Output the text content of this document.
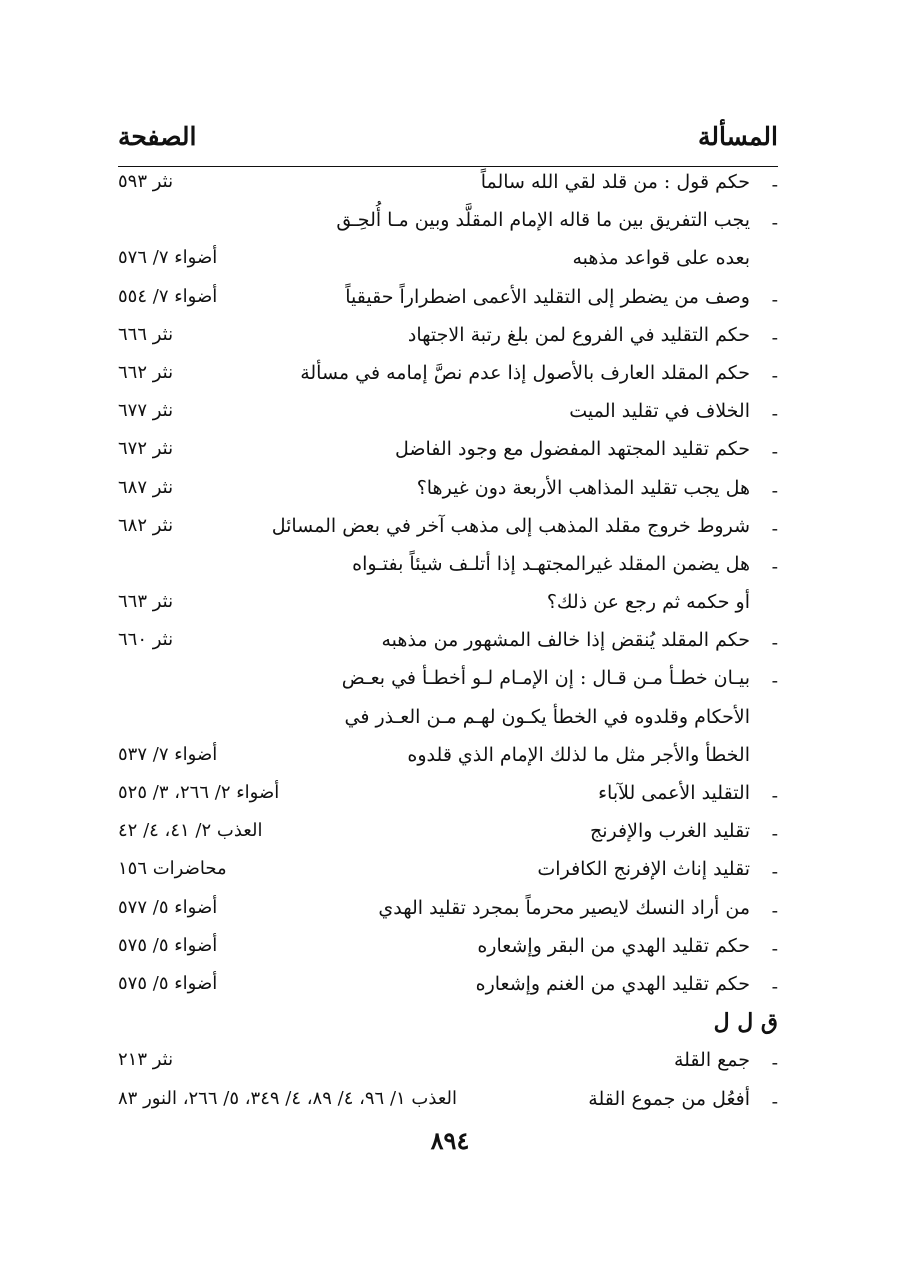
الصفحة	المسألة
-
حكم قول : من قلد لقي الله سالماً
نثر ٥٩٣
-
يجب التفريق بين ما قاله الإمام المقلَّد وبين مـا أُلحِـق
بعده على قواعد مذهبه
أضواء ٧/ ٥٧٦
-
وصف من يضطر إلى التقليد الأعمى اضطراراً حقيقياً
أضواء ٧/ ٥٥٤
-
حكم التقليد في الفروع لمن بلغ رتبة الاجتهاد
نثر ٦٦٦
-
حكم المقلد العارف بالأصول إذا عدم نصَّ إمامه في مسألة
نثر ٦٦٢
-
الخلاف في تقليد الميت
نثر ٦٧٧
-
حكم تقليد المجتهد المفضول مع وجود الفاضل
نثر ٦٧٢
-
هل يجب تقليد المذاهب الأربعة دون غيرها؟
نثر ٦٨٧
-
شروط خروج مقلد المذهب إلى مذهب آخر في بعض المسائل
نثر ٦٨٢
-
هل يضمن المقلد غيرالمجتهـد إذا أتلـف شيئاً بفتـواه
أو حكمه ثم رجع عن ذلك؟
نثر ٦٦٣
-
حكم المقلد يُنقض إذا خالف المشهور من مذهبه
نثر ٦٦٠
-
بيـان خطـأ مـن قـال : إن الإمـام لـو أخطـأ في بعـض
الأحكام وقلدوه في الخطأ يكـون لهـم مـن العـذر في
الخطأ والأجر مثل ما لذلك الإمام الذي قلدوه
أضواء ٧/ ٥٣٧
-
التقليد الأعمى للآباء
أضواء ٢/ ٢٦٦، ٣/ ٥٢٥
-
تقليد الغرب والإفرنج
العذب ٢/ ٤١، ٤/ ٤٢
-
تقليد إناث الإفرنج الكافرات
محاضرات ١٥٦
-
من أراد النسك لايصير محرماً بمجرد تقليد الهدي
أضواء ٥/ ٥٧٧
-
حكم تقليد الهدي من البقر وإشعاره
أضواء ٥/ ٥٧٥
-
حكم تقليد الهدي من الغنم وإشعاره
أضواء ٥/ ٥٧٥
ق ل ل
-
جمع القلة
نثر ٢١٣
-
أفعُل من جموع القلة
العذب ١/ ٩٦، ٤/ ٨٩، ٤/ ٣٤٩، ٥/ ٢٦٦، النور ٨٣
٨٩٤
